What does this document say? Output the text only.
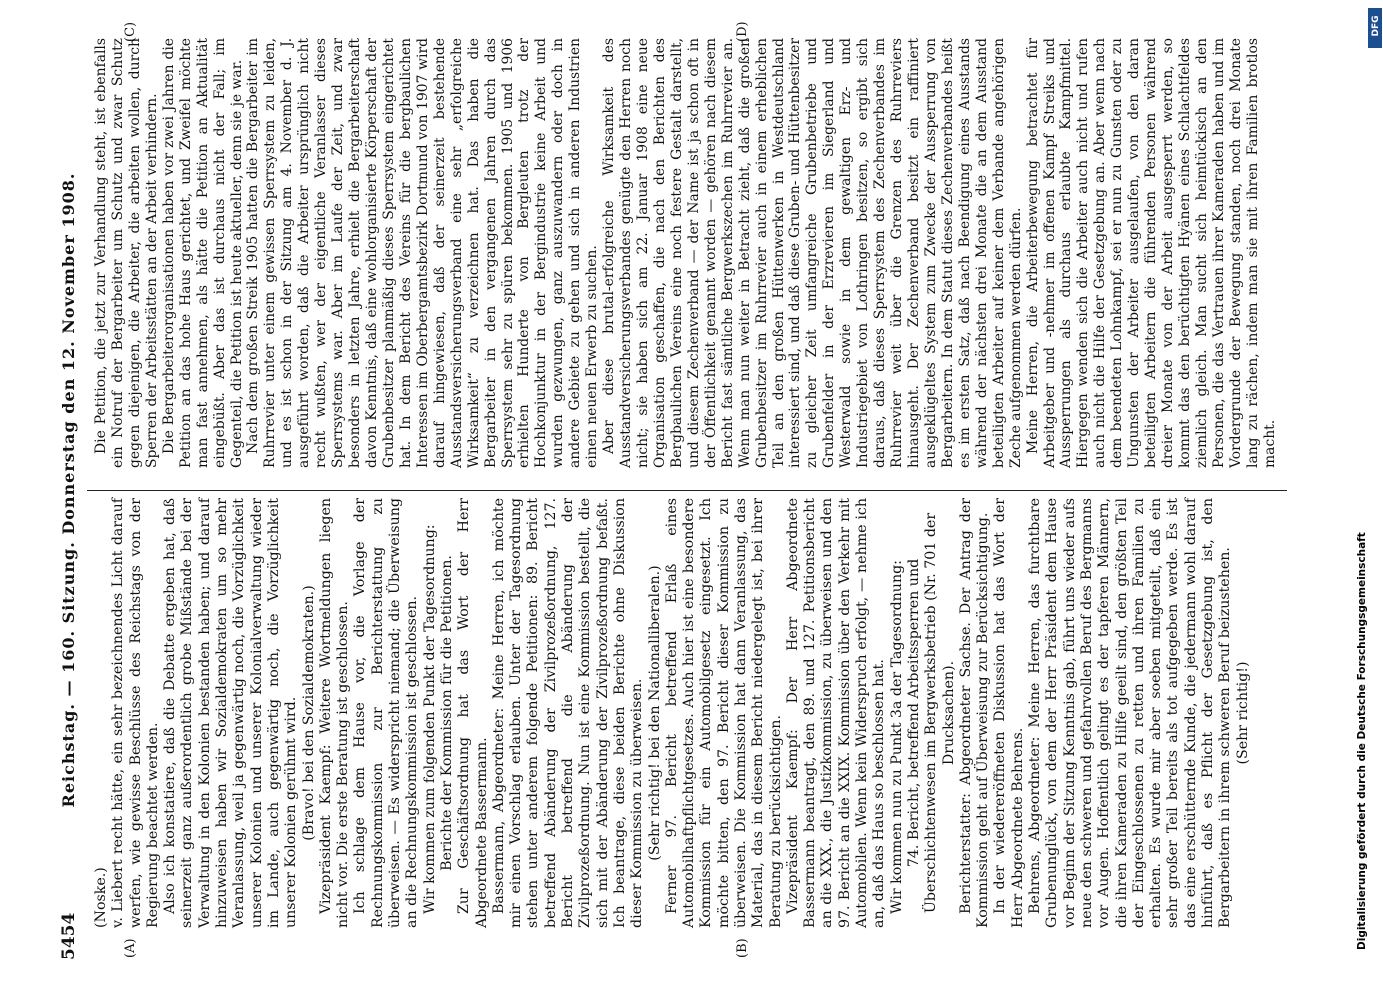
5454
Reichstag. — 160. Sitzung. Donnerstag den 12. November 1908.
(A)	(B)
(C)	(D)

(Noske.) v. Liebert recht hätte, ein sehr bezeichnendes Licht darauf werfen, wie gewisse Beschlüsse des Reichstags von der Regierung beachtet werden. Also ich konstatiere, daß die Debatte ergeben hat, daß seinerzeit ganz außerordentlich grobe Mißstände bei der Verwaltung in den Kolonien bestanden haben; und darauf hinzuweisen haben wir Sozialdemokraten um so mehr Veranlassung, weil ja gegenwärtig noch, die Vorzüglichkeit unserer Kolonien und unserer Kolonialverwaltung wieder im Lande, auch gegenwärtig noch, die Vorzüglichkeit unserer Kolonien gerühmt wird. (Bravo! bei den Sozialdemokraten.) Vizepräsident Kaempf: Weitere Wortmeldungen liegen nicht vor. Die erste Beratung ist geschlossen. Ich schlage dem Hause vor, die Vorlage der Rechnungskommission zur Berichterstattung zu überweisen. — Es widerspricht niemand; die Überweisung an die Rechnungskommission ist geschlossen. Wir kommen zum folgenden Punkt der Tagesordnung: Berichte der Kommission für die Petitionen. Zur Geschäftsordnung hat das Wort der Herr Abgeordnete Bassermann. Bassermann, Abgeordneter: Meine Herren, ich möchte mir einen Vorschlag erlauben. Unter der Tagesordnung stehen unter anderem folgende Petitionen: 89. Bericht betreffend Abänderung der Zivilprozeßordnung, 127. Bericht betreffend die Abänderung der Zivilprozeßordnung. Nun ist eine Kommission bestellt, die sich mit der Abänderung der Zivilprozeßordnung befaßt. Ich beantrage, diese beiden Berichte ohne Diskussion dieser Kommission zu überweisen. (Sehr richtig! bei den Nationalliberalen.) Ferner 97. Bericht betreffend Erlaß eines Automobilhaftpflichtgesetzes. Auch hier ist eine besondere Kommission für ein Automobilgesetz eingesetzt. Ich möchte bitten, den 97. Bericht dieser Kommission zu überweisen. Die Kommission hat dann Veranlassung, das Material, das in diesem Bericht niedergelegt ist, bei ihrer Beratung zu berücksichtigen. Vizepräsident Kaempf: Der Herr Abgeordnete Bassermann beantragt, den 89. und 127. Petitionsbericht an die XXX., die Justizkommission, zu überweisen und den 97. Bericht an die XXIX. Kommission über den Verkehr mit Automobilen. Wenn kein Widerspruch erfolgt, — nehme ich an, daß das Haus so beschlossen hat. Wir kommen nun zu Punkt 3a der Tagesordnung: 74. Bericht, betreffend Arbeitssperren und Überschichtenwesen im Bergwerksbetrieb (Nr. 701 der Drucksachen). Berichterstatter: Abgeordneter Sachse. Der Antrag der Kommission geht auf Überweisung zur Berücksichtigung. In der wiedereröffneten Diskussion hat das Wort der Herr Abgeordnete Behrens. Behrens, Abgeordneter: Meine Herren, das furchtbare Grubenunglück, von dem der Herr Präsident dem Hause vor Beginn der Sitzung Kenntnis gab, führt uns wieder aufs neue den schweren und gefahrvollen Beruf des Bergmanns vor Augen. Hoffentlich gelingt es der tapferen Männern, die ihren Kameraden zu Hilfe geeilt sind, den größten Teil der Eingeschlossenen zu retten und ihren Familien zu erhalten. Es wurde mir aber soeben mitgeteilt, daß ein sehr großer Teil bereits als tot aufgegeben werde. Es ist das eine erschütternde Kunde, die jedermann wohl darauf hinführt, daß es Pflicht der Gesetzgebung ist, den Bergarbeitern in ihrem schweren Beruf beizustehen. (Sehr richtig!)

Die Petition, die jetzt zur Verhandlung steht, ist ebenfalls ein Notruf der Bergarbeiter um Schutz und zwar Schutz gegen diejenigen, die Arbeiter, die arbeiten wollen, durch Sperren der Arbeitsstätten an der Arbeit verhindern. Die Bergarbeiterorganisationen haben vor zwei Jahren die Petition an das hohe Haus gerichtet, und Zweifel möchte man fast annehmen, als hätte die Petition an Aktualität eingebüßt. Aber das ist durchaus nicht der Fall; im Gegenteil, die Petition ist heute aktueller, denn sie je war. Nach dem großen Streik 1905 hatten die Bergarbeiter im Ruhrrevier unter einem gewissen Sperrsystem zu leiden, und es ist schon in der Sitzung am 4. November d. J. ausgeführt worden, daß die Arbeiter ursprünglich nicht recht wußten, wer der eigentliche Veranlasser dieses Sperrsystems war. Aber im Laufe der Zeit, und zwar besonders in letzten Jahre, erhielt die Bergarbeiterschaft davon Kenntnis, daß eine wohlorganisierte Körperschaft der Grubenbesitzer planmäßig dieses Sperrsystem eingerichtet hat. In dem Bericht des Vereins für die bergbaulichen Interessen im Oberbergamtsbezirk Dortmund von 1907 wird darauf hingewiesen, daß der seinerzeit bestehende Ausstandsversicherungsverband eine sehr „erfolgreiche Wirksamkeit“ zu verzeichnen hat. Das haben die Bergarbeiter in den vergangenen Jahren durch das Sperrsystem sehr zu spüren bekommen. 1905 und 1906 erhielten Hunderte von Bergleuten trotz der Hochkonjunktur in der Bergindustrie keine Arbeit und wurden gezwungen, ganz auszuwandern oder doch in andere Gebiete zu gehen und sich in anderen Industrien einen neuen Erwerb zu suchen. Aber diese brutal-erfolgreiche Wirksamkeit des Ausstandversicherungsverbandes genügte den Herren noch nicht; sie haben sich am 22. Januar 1908 eine neue Organisation geschaffen, die nach den Berichten des Bergbaulichen Vereins eine noch festere Gestalt darstellt, und diesem Zechenverband — der Name ist ja schon oft in der Öffentlichkeit genannt worden — gehören nach diesem Bericht fast sämtliche Bergwerkszechen im Ruhrrevier an. Wenn man nun weiter in Betracht zieht, daß die großen Grubenbesitzer im Ruhrrevier auch in einem erheblichen Teil an den großen Hüttenwerken in Westdeutschland interessiert sind, und daß diese Gruben- und Hüttenbesitzer zu gleicher Zeit umfangreiche Grubenbetriebe und Grubenfelder in der Erzrevieren im Siegerland und Westerwald sowie in dem gewaltigen Erz- und Industriegebiet von Lothringen besitzen, so ergibt sich daraus, daß dieses Sperrsystem des Zechenverbandes im Ruhrrevier weit über die Grenzen des Ruhrreviers hinausgeht. Der Zechenverband besitzt ein raffiniert ausgeklügeltes System zum Zwecke der Aussperrung von Bergarbeitern. In dem Statut dieses Zechenverbandes heißt es im ersten Satz, daß nach Beendigung eines Ausstands während der nächsten drei Monate die an dem Ausstand beteiligten Arbeiter auf keiner dem Verbande angehörigen Zeche aufgenommen werden dürfen. Meine Herren, die Arbeiterbewegung betrachtet für Arbeitgeber und -nehmer im offenen Kampf Streiks und Aussperrungen als durchaus erlaubte Kampfmittel. Hiergegen wenden sich die Arbeiter auch nicht und rufen auch nicht die Hilfe der Gesetzgebung an. Aber wenn nach dem beendeten Lohnkampf, sei er nun zu Gunsten oder zu Ungunsten der Arbeiter ausgelaufen, von den daran beteiligten Arbeitern die führenden Personen während dreier Monate von der Arbeit ausgesperrt werden, so kommt das den berüchtigten Hyänen eines Schlachtfeldes ziemlich gleich. Man sucht sich heimtückisch an den Personen, die das Vertrauen ihrer Kameraden haben und im Vordergrunde der Bewegung standen, noch drei Monate lang zu rächen, indem man sie mit ihren Familien brotlos macht.

Digitalisierung gefördert durch die Deutsche Forschungsgemeinschaft
DFG
